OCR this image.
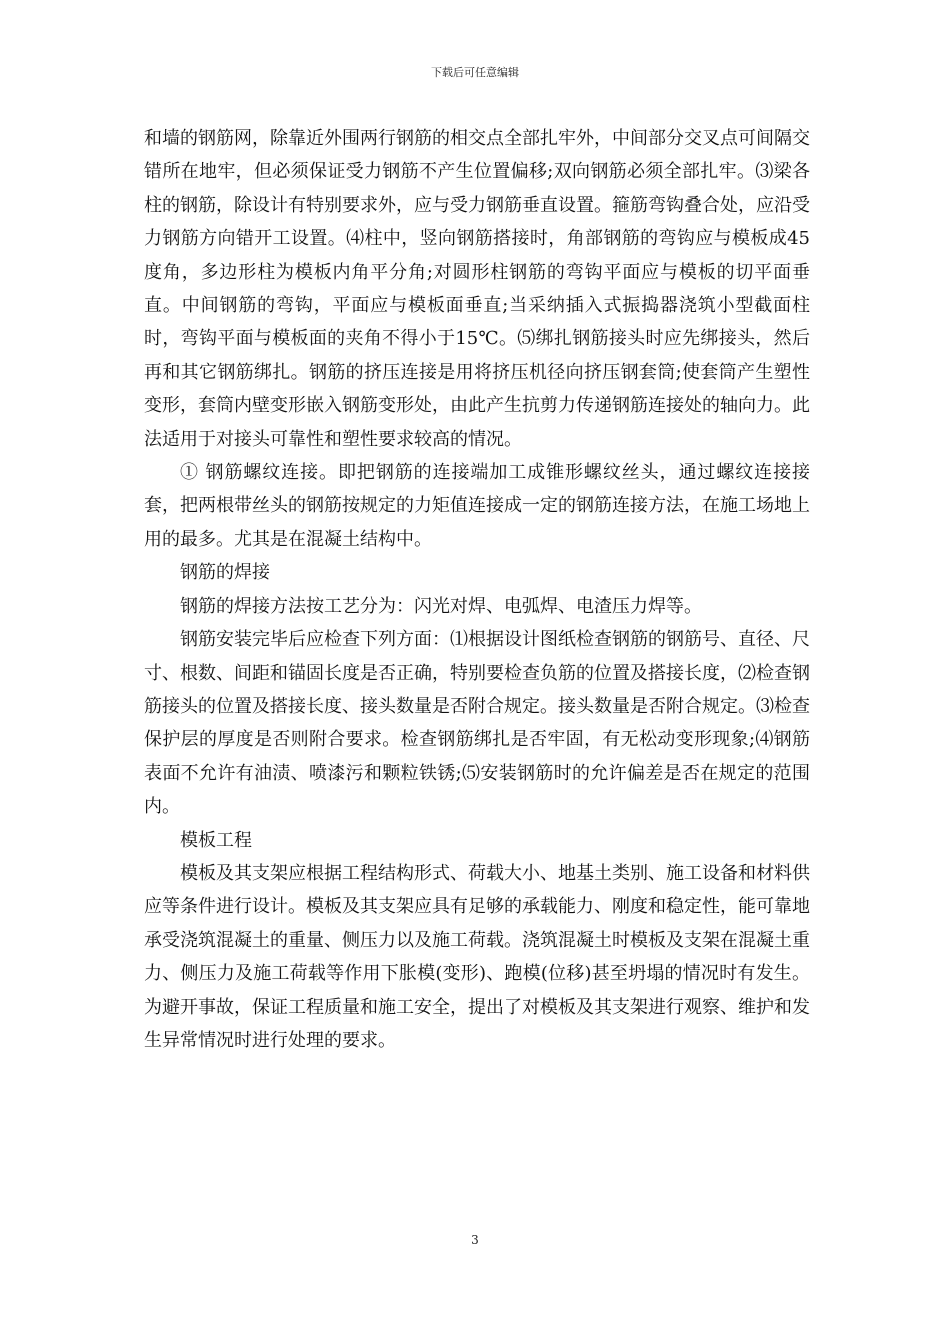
下载后可任意编辑

和墙的钢筋网，除靠近外围两行钢筋的相交点全部扎牢外，中间部分交叉点可间隔交错所在地牢，但必须保证受力钢筋不产生位置偏移;双向钢筋必须全部扎牢。⑶梁各柱的钢筋，除设计有特别要求外，应与受力钢筋垂直设置。箍筋弯钩叠合处，应沿受力钢筋方向错开工设置。⑷柱中，竖向钢筋搭接时，角部钢筋的弯钩应与模板成45度角，多边形柱为模板内角平分角;对圆形柱钢筋的弯钩平面应与模板的切平面垂直。中间钢筋的弯钩，平面应与模板面垂直;当采纳插入式振捣器浇筑小型截面柱时，弯钩平面与模板面的夹角不得小于15℃。⑸绑扎钢筋接头时应先绑接头，然后再和其它钢筋绑扎。钢筋的挤压连接是用将挤压机径向挤压钢套筒;使套筒产生塑性变形，套筒内壁变形嵌入钢筋变形处，由此产生抗剪力传递钢筋连接处的轴向力。此法适用于对接头可靠性和塑性要求较高的情况。

① 钢筋螺纹连接。即把钢筋的连接端加工成锥形螺纹丝头，通过螺纹连接接套，把两根带丝头的钢筋按规定的力矩值连接成一定的钢筋连接方法，在施工场地上用的最多。尤其是在混凝土结构中。

钢筋的焊接

钢筋的焊接方法按工艺分为：闪光对焊、电弧焊、电渣压力焊等。

钢筋安装完毕后应检查下列方面：⑴根据设计图纸检查钢筋的钢筋号、直径、尺寸、根数、间距和锚固长度是否正确，特别要检查负筋的位置及搭接长度，⑵检查钢筋接头的位置及搭接长度、接头数量是否附合规定。接头数量是否附合规定。⑶检查保护层的厚度是否则附合要求。检查钢筋绑扎是否牢固，有无松动变形现象;⑷钢筋表面不允许有油渍、喷漆污和颗粒铁锈;⑸安装钢筋时的允许偏差是否在规定的范围内。

模板工程

模板及其支架应根据工程结构形式、荷载大小、地基土类别、施工设备和材料供应等条件进行设计。模板及其支架应具有足够的承载能力、刚度和稳定性，能可靠地承受浇筑混凝土的重量、侧压力以及施工荷载。浇筑混凝土时模板及支架在混凝土重力、侧压力及施工荷载等作用下胀模(变形)、跑模(位移)甚至坍塌的情况时有发生。为避开事故，保证工程质量和施工安全，提出了对模板及其支架进行观察、维护和发生异常情况时进行处理的要求。

3
